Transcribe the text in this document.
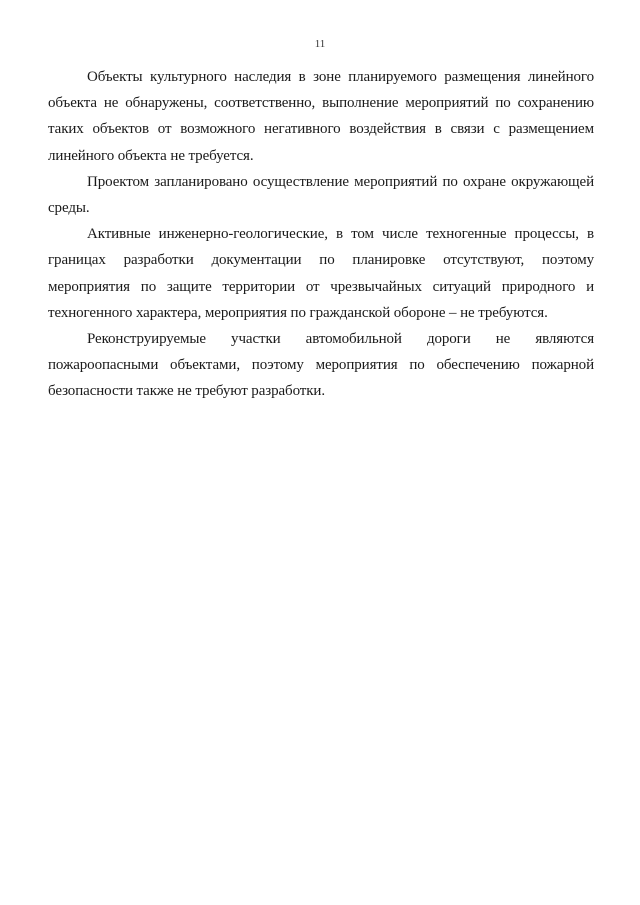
11

Объекты культурного наследия в зоне планируемого размещения линейного объекта не обнаружены, соответственно, выполнение мероприятий по сохранению таких объектов от возможного негативного воздействия в связи с размещением линейного объекта не требуется.

Проектом запланировано осуществление мероприятий по охране окружающей среды.

Активные инженерно-геологические, в том числе техногенные процессы, в границах разработки документации по планировке отсутствуют, поэтому мероприятия по защите территории от чрезвычайных ситуаций природного и техногенного характера, мероприятия по гражданской обороне – не требуются.

Реконструируемые участки автомобильной дороги не являются пожароопасными объектами, поэтому мероприятия по обеспечению пожарной безопасности также не требуют разработки.
